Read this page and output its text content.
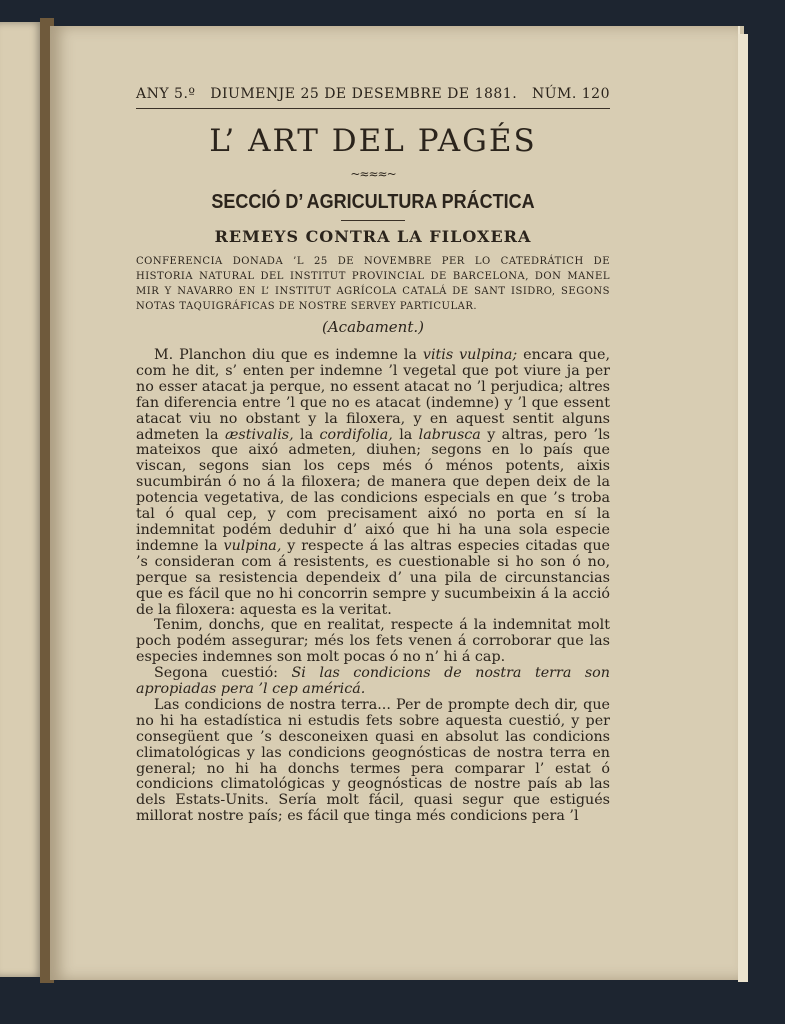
ANY 5.º DIUMENJE 25 DE DESEMBRE DE 1881. NÚM. 120
L’ ART DEL PAGÉS
~≈≈≈~
SECCIÓ D’ AGRICULTURA PRÁCTICA
REMEYS CONTRA LA FILOXERA
CONFERENCIA DONADA ’L 25 DE NOVEMBRE PER LO CATEDRÁTICH DE HISTORIA NATURAL DEL INSTITUT PROVINCIAL DE BARCELONA, DON MANEL MIR Y NAVARRO EN L’ INSTITUT AGRÍCOLA CATALÁ DE SANT ISIDRO, SEGONS NOTAS TAQUIGRÁFICAS DE NOSTRE SERVEY PARTICULAR.
(Acabament.)

M. Planchon diu que es indemne la vitis vulpina; encara que, com he dit, s’ enten per indemne ’l vegetal que pot viure ja per no esser atacat ja perque, no essent atacat no ’l perjudica; altres fan diferencia entre ’l que no es atacat (indemne) y ’l que essent atacat viu no obstant y la filoxera, y en aquest sentit alguns admeten la æstivalis, la cordifolia, la labrusca y altras, pero ’ls mateixos que aixó admeten, diuhen; segons en lo país que viscan, segons sian los ceps més ó ménos potents, aixis sucumbirán ó no á la filoxera; de manera que depen deix de la potencia vegetativa, de las condicions especials en que ’s troba tal ó qual cep, y com precisament aixó no porta en sí la indemnitat podém deduhir d’ aixó que hi ha una sola especie indemne la vulpina, y respecte á las altras especies citadas que ’s consideran com á resistents, es cuestionable si ho son ó no, perque sa resistencia dependeix d’ una pila de circunstancias que es fácil que no hi concorrin sempre y sucumbeixin á la acció de la filoxera: aquesta es la veritat.

Tenim, donchs, que en realitat, respecte á la indemnitat molt poch podém assegurar; més los fets venen á corroborar que las especies indemnes son molt pocas ó no n’ hi á cap.

Segona cuestió: Si las condicions de nostra terra son apropiadas pera ’l cep américá.

Las condicions de nostra terra... Per de prompte dech dir, que no hi ha estadística ni estudis fets sobre aquesta cuestió, y per consegüent que ’s desconeixen quasi en absolut las condicions climatológicas y las condicions geognósticas de nostra terra en general; no hi ha donchs termes pera comparar l’ estat ó condicions climatológicas y geognósticas de nostre país ab las dels Estats-Units. Sería molt fácil, quasi segur que estigués millorat nostre país; es fácil que tinga més condicions pera ’l
